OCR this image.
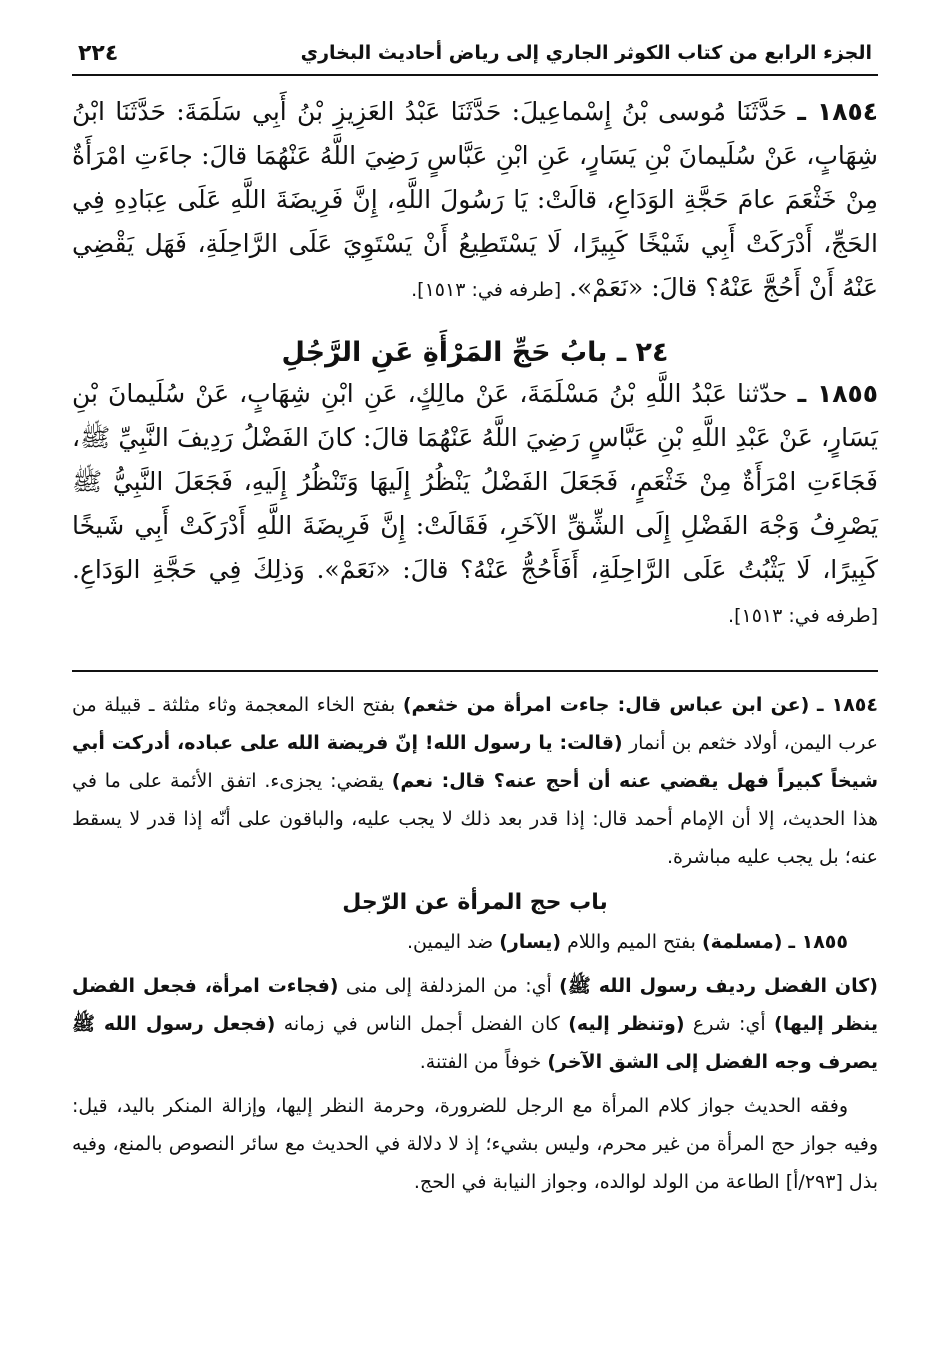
الجزء الرابع من كتاب الكوثر الجاري إلى رياض أحاديث البخاري
٢٢٤

١٨٥٤ ـ حَدَّثَنَا مُوسى بْنُ إِسْماعِيلَ: حَدَّثَنَا عَبْدُ العَزِيزِ بْنُ أَبِي سَلَمَةَ: حَدَّثَنَا ابْنُ شِهَابٍ، عَنْ سُلَيمانَ بْنِ يَسَارٍ، عَنِ ابْنِ عَبَّاسٍ رَضِيَ اللَّهُ عَنْهُمَا قالَ: جاءَتِ امْرَأَةٌ مِنْ خَثْعَمَ عامَ حَجَّةِ الوَدَاعِ، قالَتْ: يَا رَسُولَ اللَّهِ، إِنَّ فَرِيضَةَ اللَّهِ عَلَى عِبَادِهِ فِي الحَجِّ، أَدْرَكَتْ أَبِي شَيْخًا كَبِيرًا، لَا يَسْتَطِيعُ أَنْ يَسْتَوِيَ عَلَى الرَّاحِلَةِ، فَهَل يَقْضِي عَنْهُ أَنْ أَحُجَّ عَنْهُ؟ قالَ: «نَعَمْ». [طرفه في: ١٥١٣].

٢٤ ـ بابُ حَجِّ المَرْأَةِ عَنِ الرَّجُلِ

١٨٥٥ ـ حدّثنا عَبْدُ اللَّهِ بْنُ مَسْلَمَةَ، عَنْ مالِكٍ، عَنِ ابْنِ شِهَابٍ، عَنْ سُلَيمانَ بْنِ يَسَارٍ، عَنْ عَبْدِ اللَّهِ بْنِ عَبَّاسٍ رَضِيَ اللَّهُ عَنْهُمَا قالَ: كانَ الفَضْلُ رَدِيفَ النَّبِيِّ ﷺ، فَجَاءَتِ امْرَأَةٌ مِنْ خَثْعَمٍ، فَجَعَلَ الفَضْلُ يَنْظُرُ إِلَيهَا وَتَنْظُرُ إِلَيهِ، فَجَعَلَ النَّبِيُّ ﷺ يَصْرِفُ وَجْهَ الفَضْلِ إِلَى الشِّقِّ الآخَرِ، فَقَالَتْ: إِنَّ فَرِيضَةَ اللَّهِ أَدْرَكَتْ أَبِي شَيخًا كَبِيرًا، لَا يَثْبُتُ عَلَى الرَّاحِلَةِ، أَفَأَحُجُّ عَنْهُ؟ قالَ: «نَعَمْ». وَذلِكَ فِي حَجَّةِ الوَدَاعِ. [طرفه في: ١٥١٣].

١٨٥٤ ـ (عن ابن عباس قال: جاءت امرأة من خثعم) بفتح الخاء المعجمة وثاء مثلثة ـ قبيلة من عرب اليمن، أولاد خثعم بن أنمار (قالت: يا رسول الله! إنّ فريضة الله على عباده، أدركت أبي شيخاً كبيراً فهل يقضي عنه أن أحج عنه؟ قال: نعم) يقضي: يجزىء. اتفق الأئمة على ما في هذا الحديث، إلا أن الإمام أحمد قال: إذا قدر بعد ذلك لا يجب عليه، والباقون على أنّه إذا قدر لا يسقط عنه؛ بل يجب عليه مباشرة.

باب حج المرأة عن الرّجل

١٨٥٥ ـ (مسلمة) بفتح الميم واللام (يسار) ضد اليمين.

(كان الفضل رديف رسول الله ﷺ) أي: من المزدلفة إلى منى (فجاءت امرأة، فجعل الفضل ينظر إليها) أي: شرع (وتنظر إليه) كان الفضل أجمل الناس في زمانه (فجعل رسول الله ﷺ يصرف وجه الفضل إلى الشق الآخر) خوفاً من الفتنة.

وفقه الحديث جواز كلام المرأة مع الرجل للضرورة، وحرمة النظر إليها، وإزالة المنكر باليد، قيل: وفيه جواز حج المرأة من غير محرم، وليس بشيء؛ إذ لا دلالة في الحديث مع سائر النصوص بالمنع، وفيه بذل [٢٩٣/أ] الطاعة من الولد لوالده، وجواز النيابة في الحج.
